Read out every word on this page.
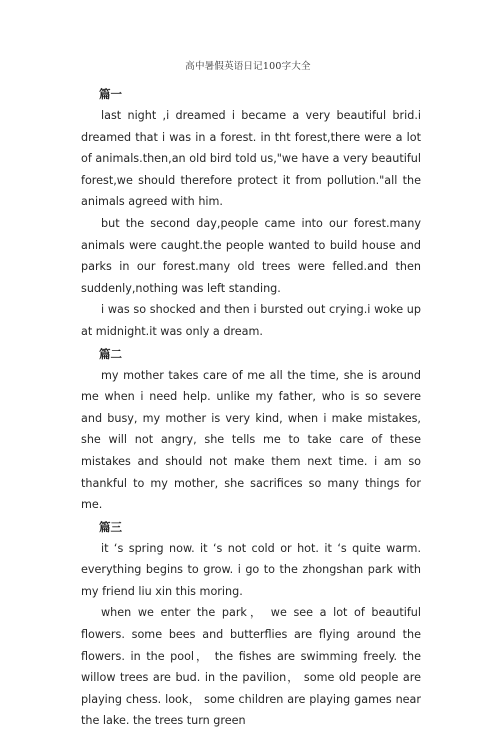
高中暑假英语日记100字大全
篇一

last night ,i dreamed i became a very beautiful brid.i dreamed that i was in a forest. in tht forest,there were a lot of animals.then,an old bird told us,"we have a very beautiful forest,we should therefore protect it from pollution."all the animals agreed with him.

but the second day,people came into our forest.many animals were caught.the people wanted to build house and parks in our forest.many old trees were felled.and then suddenly,nothing was left standing.

i was so shocked and then i bursted out crying.i woke up at midnight.it was only a dream.

篇二

my mother takes care of me all the time, she is around me when i need help. unlike my father, who is so severe and busy, my mother is very kind, when i make mistakes, she will not angry, she tells me to take care of these mistakes and should not make them next time. i am so thankful to my mother, she sacrifices so many things for me.

篇三

it ‘s spring now. it ‘s not cold or hot. it ‘s quite warm. everything begins to grow. i go to the zhongshan park with my friend liu xin this moring.

when we enter the park， we see a lot of beautiful flowers. some bees and butterflies are flying around the flowers. in the pool， the fishes are swimming freely. the willow trees are bud. in the pavilion， some old people are playing chess. look， some children are playing games near the lake. the trees turn green
